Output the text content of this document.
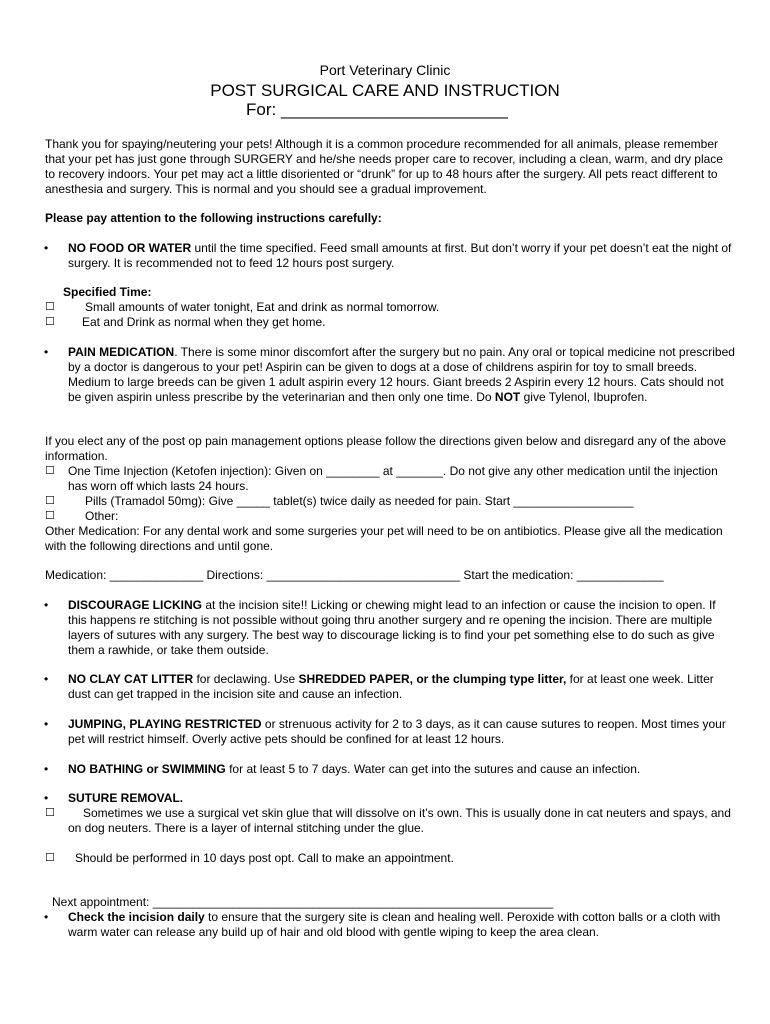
Port Veterinary Clinic
POST SURGICAL CARE AND INSTRUCTION
For: ________________________
Thank you for spaying/neutering your pets! Although it is a common procedure recommended for all animals, please remember that your pet has just gone through SURGERY and he/she needs proper care to recover, including a clean, warm, and dry place to recovery indoors. Your pet may act a little disoriented or “drunk” for up to 48 hours after the surgery. All pets react different to anesthesia and surgery. This is normal and you should see a gradual improvement.
Please pay attention to the following instructions carefully:
• NO FOOD OR WATER until the time specified. Feed small amounts at first. But don’t worry if your pet doesn’t eat the night of surgery. It is recommended not to feed 12 hours post surgery.
Specified Time:
☐	Small amounts of water tonight, Eat and drink as normal tomorrow.
☐ Eat and Drink as normal when they get home.
• PAIN MEDICATION. There is some minor discomfort after the surgery but no pain. Any oral or topical medicine not prescribed by a doctor is dangerous to your pet! Aspirin can be given to dogs at a dose of childrens aspirin for toy to small breeds. Medium to large breeds can be given 1 adult aspirin every 12 hours. Giant breeds 2 Aspirin every 12 hours. Cats should not be given aspirin unless prescribe by the veterinarian and then only one time. Do NOT give Tylenol, Ibuprofen.
If you elect any of the post op pain management options please follow the directions given below and disregard any of the above information.
☐ One Time Injection (Ketofen injection): Given on ________ at _______. Do not give any other medication until the injection has worn off which lasts 24 hours.
☐	Pills (Tramadol 50mg): Give _____ tablet(s) twice daily as needed for pain. Start __________________
☐	Other:
Other Medication: For any dental work and some surgeries your pet will need to be on antibiotics. Please give all the medication with the following directions and until gone.
Medication: ______________ Directions: _____________________________ Start the medication: _____________
• DISCOURAGE LICKING at the incision site!! Licking or chewing might lead to an infection or cause the incision to open. If this happens re stitching is not possible without going thru another surgery and re opening the incision. There are multiple layers of sutures with any surgery. The best way to discourage licking is to find your pet something else to do such as give them a rawhide, or take them outside.
• NO CLAY CAT LITTER for declawing. Use SHREDDED PAPER, or the clumping type litter, for at least one week. Litter dust can get trapped in the incision site and cause an infection.
• JUMPING, PLAYING RESTRICTED or strenuous activity for 2 to 3 days, as it can cause sutures to reopen. Most times your pet will restrict himself. Overly active pets should be confined for at least 12 hours.
• NO BATHING or SWIMMING for at least 5 to 7 days. Water can get into the sutures and cause an infection.
• SUTURE REMOVAL.
☐	Sometimes we use a surgical vet skin glue that will dissolve on it’s own. This is usually done in cat neuters and spays, and on dog neuters. There is a layer of internal stitching under the glue.
☐ Should be performed in 10 days post opt. Call to make an appointment.
Next appointment: ____________________________________________________________
• Check the incision daily to ensure that the surgery site is clean and healing well. Peroxide with cotton balls or a cloth with warm water can release any build up of hair and old blood with gentle wiping to keep the area clean.
